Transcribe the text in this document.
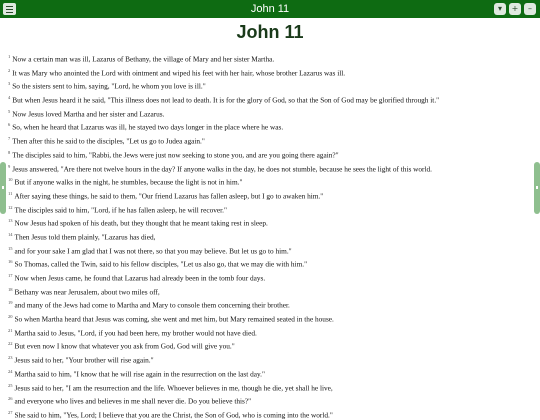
John 11	▾	+	–
John 11
$^1$ Now a certain man was ill, Lazarus of Bethany, the village of Mary and her sister Martha.
$^2$ It was Mary who anointed the Lord with ointment and wiped his feet with her hair, whose brother Lazarus was ill.
$^3$ So the sisters sent to him, saying, "Lord, he whom you love is ill."
$^4$ But when Jesus heard it he said, "This illness does not lead to death. It is for the glory of God, so that the Son of God may be glorified through it."
$^5$ Now Jesus loved Martha and her sister and Lazarus.
$^6$ So, when he heard that Lazarus was ill, he stayed two days longer in the place where he was.
$^7$ Then after this he said to the disciples, "Let us go to Judea again."
$^8$ The disciples said to him, "Rabbi, the Jews were just now seeking to stone you, and are you going there again?"
$^9$ Jesus answered, "Are there not twelve hours in the day? If anyone walks in the day, he does not stumble, because he sees the light of this world.
$^{10}$ But if anyone walks in the night, he stumbles, because the light is not in him."
$^{11}$ After saying these things, he said to them, "Our friend Lazarus has fallen asleep, but I go to awaken him."
$^{12}$ The disciples said to him, "Lord, if he has fallen asleep, he will recover."
$^{13}$ Now Jesus had spoken of his death, but they thought that he meant taking rest in sleep.
$^{14}$ Then Jesus told them plainly, "Lazarus has died,
$^{15}$ and for your sake I am glad that I was not there, so that you may believe. But let us go to him."
$^{16}$ So Thomas, called the Twin, said to his fellow disciples, "Let us also go, that we may die with him."
$^{17}$ Now when Jesus came, he found that Lazarus had already been in the tomb four days.
$^{18}$ Bethany was near Jerusalem, about two miles off,
$^{19}$ and many of the Jews had come to Martha and Mary to console them concerning their brother.
$^{20}$ So when Martha heard that Jesus was coming, she went and met him, but Mary remained seated in the house.
$^{21}$ Martha said to Jesus, "Lord, if you had been here, my brother would not have died.
$^{22}$ But even now I know that whatever you ask from God, God will give you."
$^{23}$ Jesus said to her, "Your brother will rise again."
$^{24}$ Martha said to him, "I know that he will rise again in the resurrection on the last day."
$^{25}$ Jesus said to her, "I am the resurrection and the life. Whoever believes in me, though he die, yet shall he live,
$^{26}$ and everyone who lives and believes in me shall never die. Do you believe this?"
$^{27}$ She said to him, "Yes, Lord; I believe that you are the Christ, the Son of God, who is coming into the world."
